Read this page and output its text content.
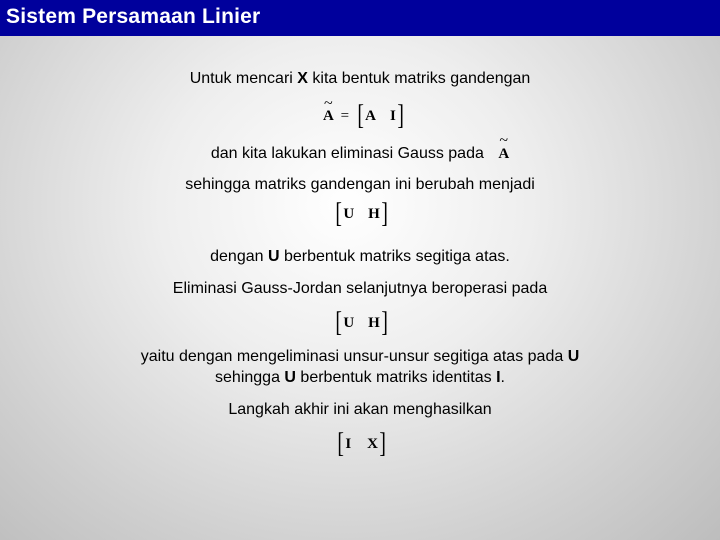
Sistem Persamaan Linier
Untuk mencari X kita bentuk matriks gandengan
~ A = [A I]
dan kita lakukan eliminasi Gauss pada ~ A
sehingga matriks gandengan ini berubah menjadi
[U H]
dengan U berbentuk matriks segitiga atas.
Eliminasi Gauss-Jordan selanjutnya beroperasi pada
[U H]
yaitu dengan mengeliminasi unsur-unsur segitiga atas pada U
sehingga U berbentuk matriks identitas I.
Langkah akhir ini akan menghasilkan
[I X]
